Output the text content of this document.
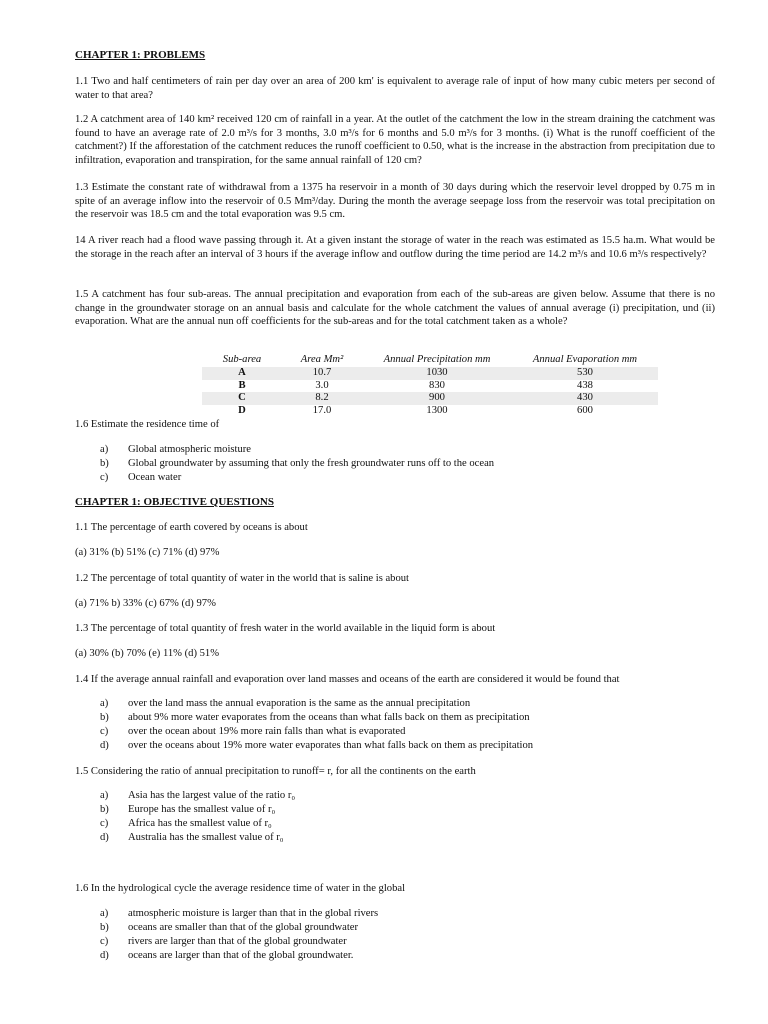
CHAPTER 1: PROBLEMS

1.1 Two and half centimeters of rain per day over an area of 200 km' is equivalent to average rale of input of how many cubic meters per second of water to that area?

1.2 A catchment area of 140 km² received 120 cm of rainfall in a year. At the outlet of the catchment the low in the stream draining the catchment was found to have an average rate of 2.0 m³/s for 3 months, 3.0 m³/s for 6 months and 5.0 m³/s for 3 months. (i) What is the runoff coefficient of the catchment?) If the afforestation of the catchment reduces the runoff coefficient to 0.50, what is the increase in the abstraction from precipitation due to infiltration, evaporation and transpiration, for the same annual rainfall of 120 cm?

1.3 Estimate the constant rate of withdrawal from a 1375 ha reservoir in a month of 30 days during which the reservoir level dropped by 0.75 m in spite of an average inflow into the reservoir of 0.5 Mm³/day. During the month the average seepage loss from the reservoir was total precipitation on the reservoir was 18.5 cm and the total evaporation was 9.5 cm.

14 A river reach had a flood wave passing through it. At a given instant the storage of water in the reach was estimated as 15.5 ha.m. What would be the storage in the reach after an interval of 3 hours if the average inflow and outflow during the time period are 14.2 m³/s and 10.6 m³/s respectively?

1.5 A catchment has four sub-areas. The annual precipitation and evaporation from each of the sub-areas are given below. Assume that there is no change in the groundwater storage on an annual basis and calculate for the whole catchment the values of annual average (i) precipitation, und (ii) evaporation. What are the annual nun off coefficients for the sub-areas and for the total catchment taken as a whole?

Sub-area	Area Mm²	Annual Precipitation mm	Annual Evaporation mm
A	10.7	1030	530
B	3.0	830	438
C	8.2	900	430
D	17.0	1300	600

1.6 Estimate the residence time of

a)	Global atmospheric moisture
b)	Global groundwater by assuming that only the fresh groundwater runs off to the ocean
c)	Ocean water

CHAPTER 1: OBJECTIVE QUESTIONS

1.1 The percentage of earth covered by oceans is about

(a) 31% (b) 51% (c) 71% (d) 97%

1.2 The percentage of total quantity of water in the world that is saline is about

(a) 71% b) 33% (c) 67% (d) 97%

1.3 The percentage of total quantity of fresh water in the world available in the liquid form is about

(a) 30% (b) 70% (e) 11% (d) 51%

1.4 If the average annual rainfall and evaporation over land masses and oceans of the earth are considered it would be found that

a)	over the land mass the annual evaporation is the same as the annual precipitation
b)	about 9% more water evaporates from the oceans than what falls back on them as precipitation
c)	over the ocean about 19% more rain falls than what is evaporated
d)	over the oceans about 19% more water evaporates than what falls back on them as precipitation

1.5 Considering the ratio of annual precipitation to runoff= r, for all the continents on the earth

a)	Asia has the largest value of the ratio r₀
b)	Europe has the smallest value of r₀
c)	Africa has the smallest value of r₀
d)	Australia has the smallest value of r₀

1.6 In the hydrological cycle the average residence time of water in the global

a)	atmospheric moisture is larger than that in the global rivers
b)	oceans are smaller than that of the global groundwater
c)	rivers are larger than that of the global groundwater
d)	oceans are larger than that of the global groundwater.
